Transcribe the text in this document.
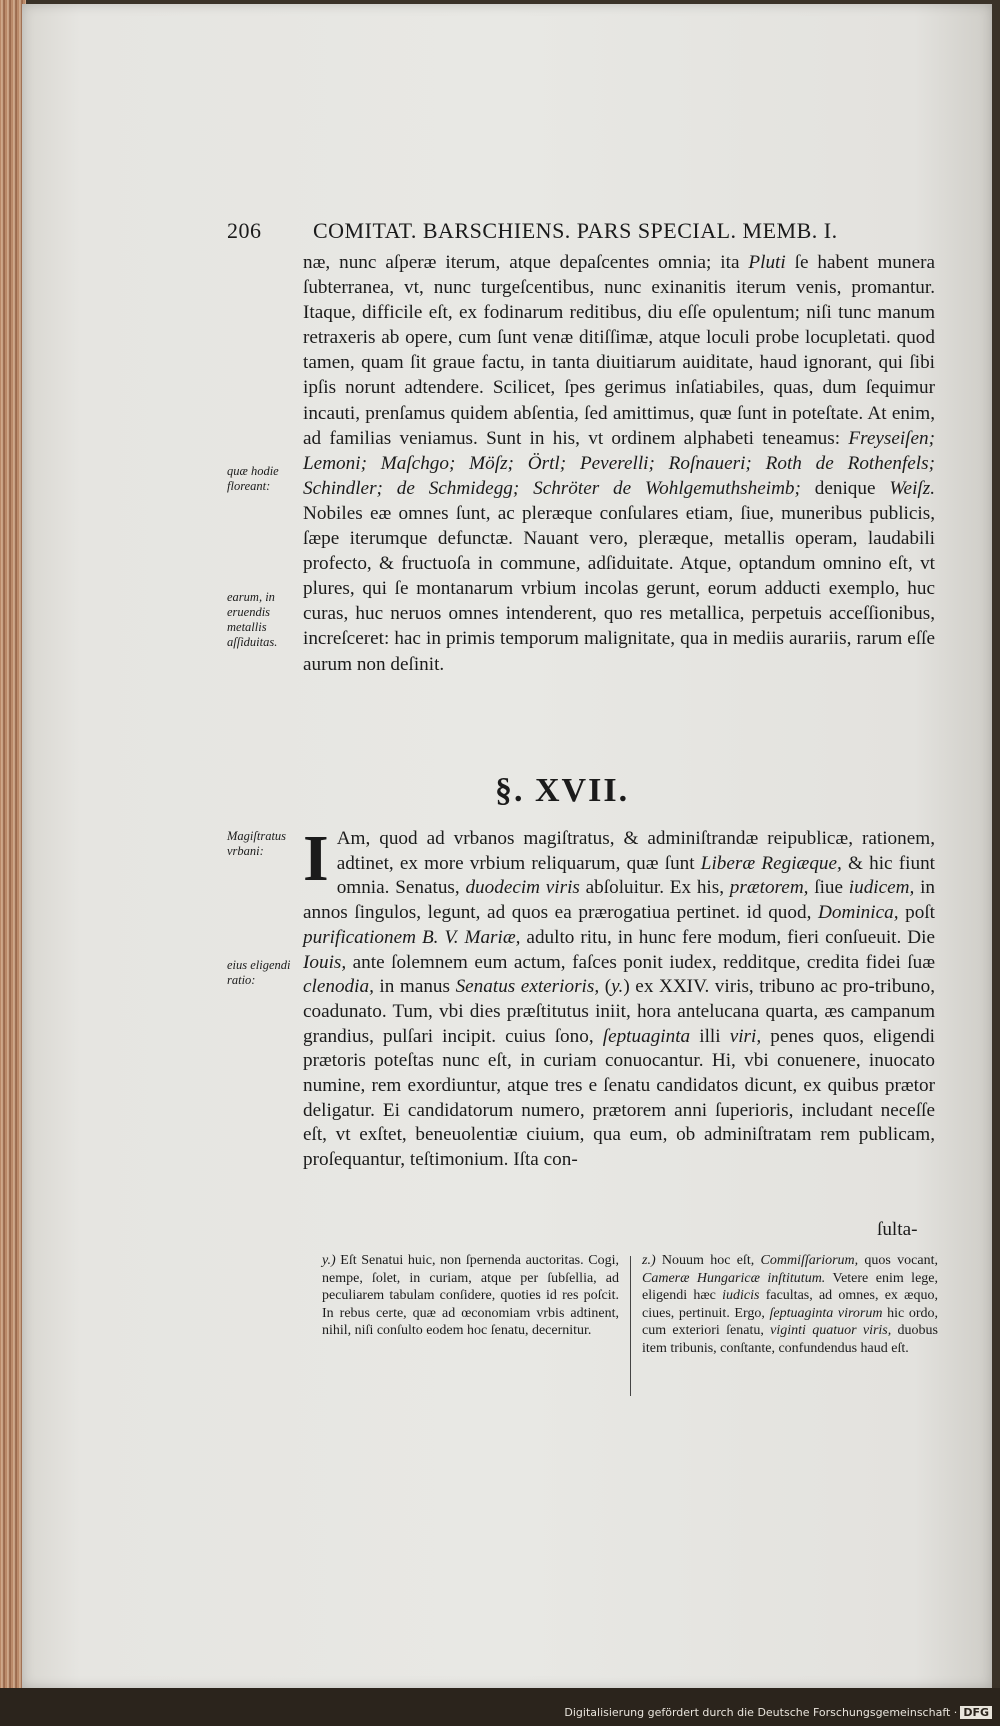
206 COMITAT. BARSCHIENS. PARS SPECIAL. MEMB. I.
næ, nunc aſperæ iterum, atque depaſcentes omnia; ita Pluti ſe habent munera ſubterranea, vt, nunc turgeſcentibus, nunc exinanitis iterum venis, promantur. Itaque, difficile eſt, ex fodinarum reditibus, diu eſſe opulentum; niſi tunc manum retraxeris ab opere, cum ſunt venæ ditiſſimæ, atque loculi probe locupletati. quod tamen, quam ſit graue factu, in tanta diuitiarum auiditate, haud ignorant, qui ſibi ipſis norunt adtendere. Scilicet, ſpes gerimus inſatiabiles, quas, dum ſequimur incauti, prenſamus quidem abſentia, ſed amittimus, quæ ſunt in poteſtate. At enim, ad familias veniamus. Sunt in his, vt ordinem alphabeti teneamus: Freyseiſen; Lemoni; Maſchgo; Möſz; Örtl; Peverelli; Roſnaueri; Roth de Rothenfels; Schindler; de Schmidegg; Schröter de Wohlgemuthsheimb; denique Weiſz. Nobiles eæ omnes ſunt, ac pleræque conſulares etiam, ſiue, muneribus publicis, ſæpe iterumque defunctæ. Nauant vero, pleræque, metallis operam, laudabili profecto, & fructuoſa in commune, adſiduitate. Atque, optandum omnino eſt, vt plures, qui ſe montanarum vrbium incolas gerunt, eorum adducti exemplo, huc curas, huc neruos omnes intenderent, quo res metallica, perpetuis acceſſionibus, increſceret: hac in primis temporum malignitate, qua in mediis aurariis, rarum eſſe aurum non deſinit.
quæ hodie floreant:
earum, in eruendis metallis aſſiduitas.
Magiſtratus vrbani:
eius eligendi ratio:
§. XVII.
I Am, quod ad vrbanos magiſtratus, & adminiſtrandæ reipublicæ, rationem, adtinet, ex more vrbium reliquarum, quæ ſunt Liberæ Regiæque, & hic fiunt omnia. Senatus, duodecim viris abſoluitur. Ex his, prætorem, ſiue iudicem, in annos ſingulos, legunt, ad quos ea prærogatiua pertinet. id quod, Dominica, poſt purificationem B. V. Mariæ, adulto ritu, in hunc fere modum, fieri conſueuit. Die Iouis, ante ſolemnem eum actum, faſces ponit iudex, redditque, credita fidei ſuæ clenodia, in manus Senatus exterioris, (y.) ex XXIV. viris, tribuno ac pro-tribuno, coadunato. Tum, vbi dies præſtitutus iniit, hora antelucana quarta, æs campanum grandius, pulſari incipit. cuius ſono, ſeptuaginta illi viri, penes quos, eligendi prætoris poteſtas nunc eſt, in curiam conuocantur. Hi, vbi conuenere, inuocato numine, rem exordiuntur, atque tres e ſenatu candidatos dicunt, ex quibus prætor deligatur. Ei candidatorum numero, prætorem anni ſuperioris, includant neceſſe eſt, vt exſtet, beneuolentiæ ciuium, qua eum, ob adminiſtratam rem publicam, proſequantur, teſtimonium. Iſta con-
ſulta-
y.) Eſt Senatui huic, non ſpernenda auctoritas. Cogi, nempe, ſolet, in curiam, atque per ſubſellia, ad peculiarem tabulam conſidere, quoties id res poſcit. In rebus certe, quæ ad œconomiam vrbis adtinent, nihil, niſi conſulto eodem hoc ſenatu, decernitur.
z.) Nouum hoc eſt, Commiſſariorum, quos vocant, Cameræ Hungaricæ inſtitutum. Vetere enim lege, eligendi hæc iudicis facultas, ad omnes, ex æquo, ciues, pertinuit. Ergo, ſeptuaginta virorum hic ordo, cum exteriori ſenatu, viginti quatuor viris, duobus item tribunis, conſtante, confundendus haud eſt.
Digitalisierung gefördert durch die Deutsche Forschungsgemeinschaft · DFG
